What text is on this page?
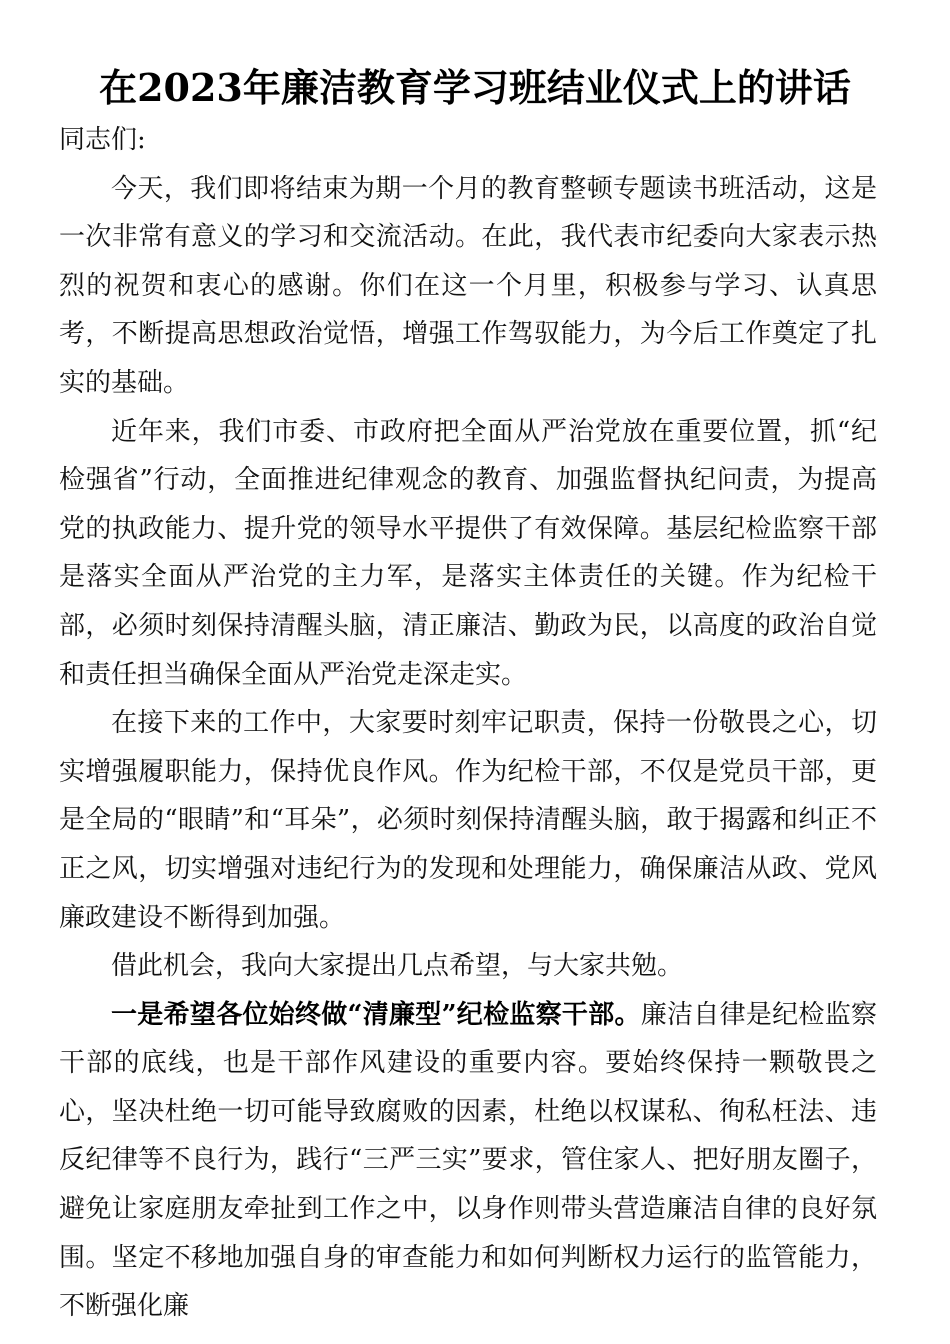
在2023年廉洁教育学习班结业仪式上的讲话

同志们:

今天，我们即将结束为期一个月的教育整顿专题读书班活动，这是一次非常有意义的学习和交流活动。在此，我代表市纪委向大家表示热烈的祝贺和衷心的感谢。你们在这一个月里，积极参与学习、认真思考，不断提高思想政治觉悟，增强工作驾驭能力，为今后工作奠定了扎实的基础。

近年来，我们市委、市政府把全面从严治党放在重要位置，抓“纪检强省”行动，全面推进纪律观念的教育、加强监督执纪问责，为提高党的执政能力、提升党的领导水平提供了有效保障。基层纪检监察干部是落实全面从严治党的主力军，是落实主体责任的关键。作为纪检干部，必须时刻保持清醒头脑，清正廉洁、勤政为民，以高度的政治自觉和责任担当确保全面从严治党走深走实。

在接下来的工作中，大家要时刻牢记职责，保持一份敬畏之心，切实增强履职能力，保持优良作风。作为纪检干部，不仅是党员干部，更是全局的“眼睛”和“耳朵”，必须时刻保持清醒头脑，敢于揭露和纠正不正之风，切实增强对违纪行为的发现和处理能力，确保廉洁从政、党风廉政建设不断得到加强。

借此机会，我向大家提出几点希望，与大家共勉。

一是希望各位始终做“清廉型”纪检监察干部。廉洁自律是纪检监察干部的底线，也是干部作风建设的重要内容。要始终保持一颗敬畏之心，坚决杜绝一切可能导致腐败的因素，杜绝以权谋私、徇私枉法、违反纪律等不良行为，践行“三严三实”要求，管住家人、把好朋友圈子，避免让家庭朋友牵扯到工作之中，以身作则带头营造廉洁自律的良好氛围。坚定不移地加强自身的审查能力和如何判断权力运行的监管能力，不断强化廉
